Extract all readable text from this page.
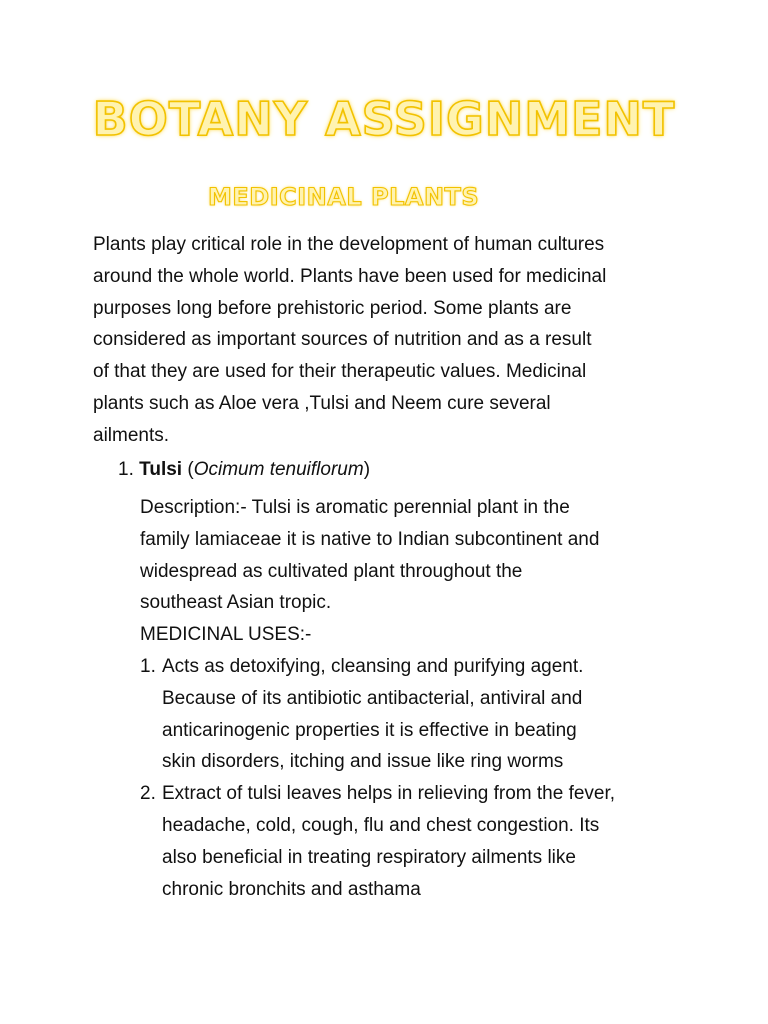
BOTANY ASSIGNMENT
MEDICINAL PLANTS
Plants play critical role in the development of human cultures
around the whole world. Plants have been used for medicinal
purposes long before prehistoric period. Some plants are
considered as important sources of nutrition and as a result
of that they are used for their therapeutic values. Medicinal
plants such as Aloe vera ,Tulsi and Neem cure several
ailments.
1. Tulsi (Ocimum tenuiflorum)
Description:- Tulsi is aromatic perennial plant in the
family lamiaceae it is native to Indian subcontinent and
widespread as cultivated plant throughout the
southeast Asian tropic.
MEDICINAL USES:-
1. Acts as detoxifying, cleansing and purifying agent.
Because of its antibiotic antibacterial, antiviral and
anticarinogenic properties it is effective in beating
skin disorders, itching and issue like ring worms
2. Extract of tulsi leaves helps in relieving from the fever,
headache, cold, cough, flu and chest congestion. Its
also beneficial in treating respiratory ailments like
chronic bronchits and asthama
